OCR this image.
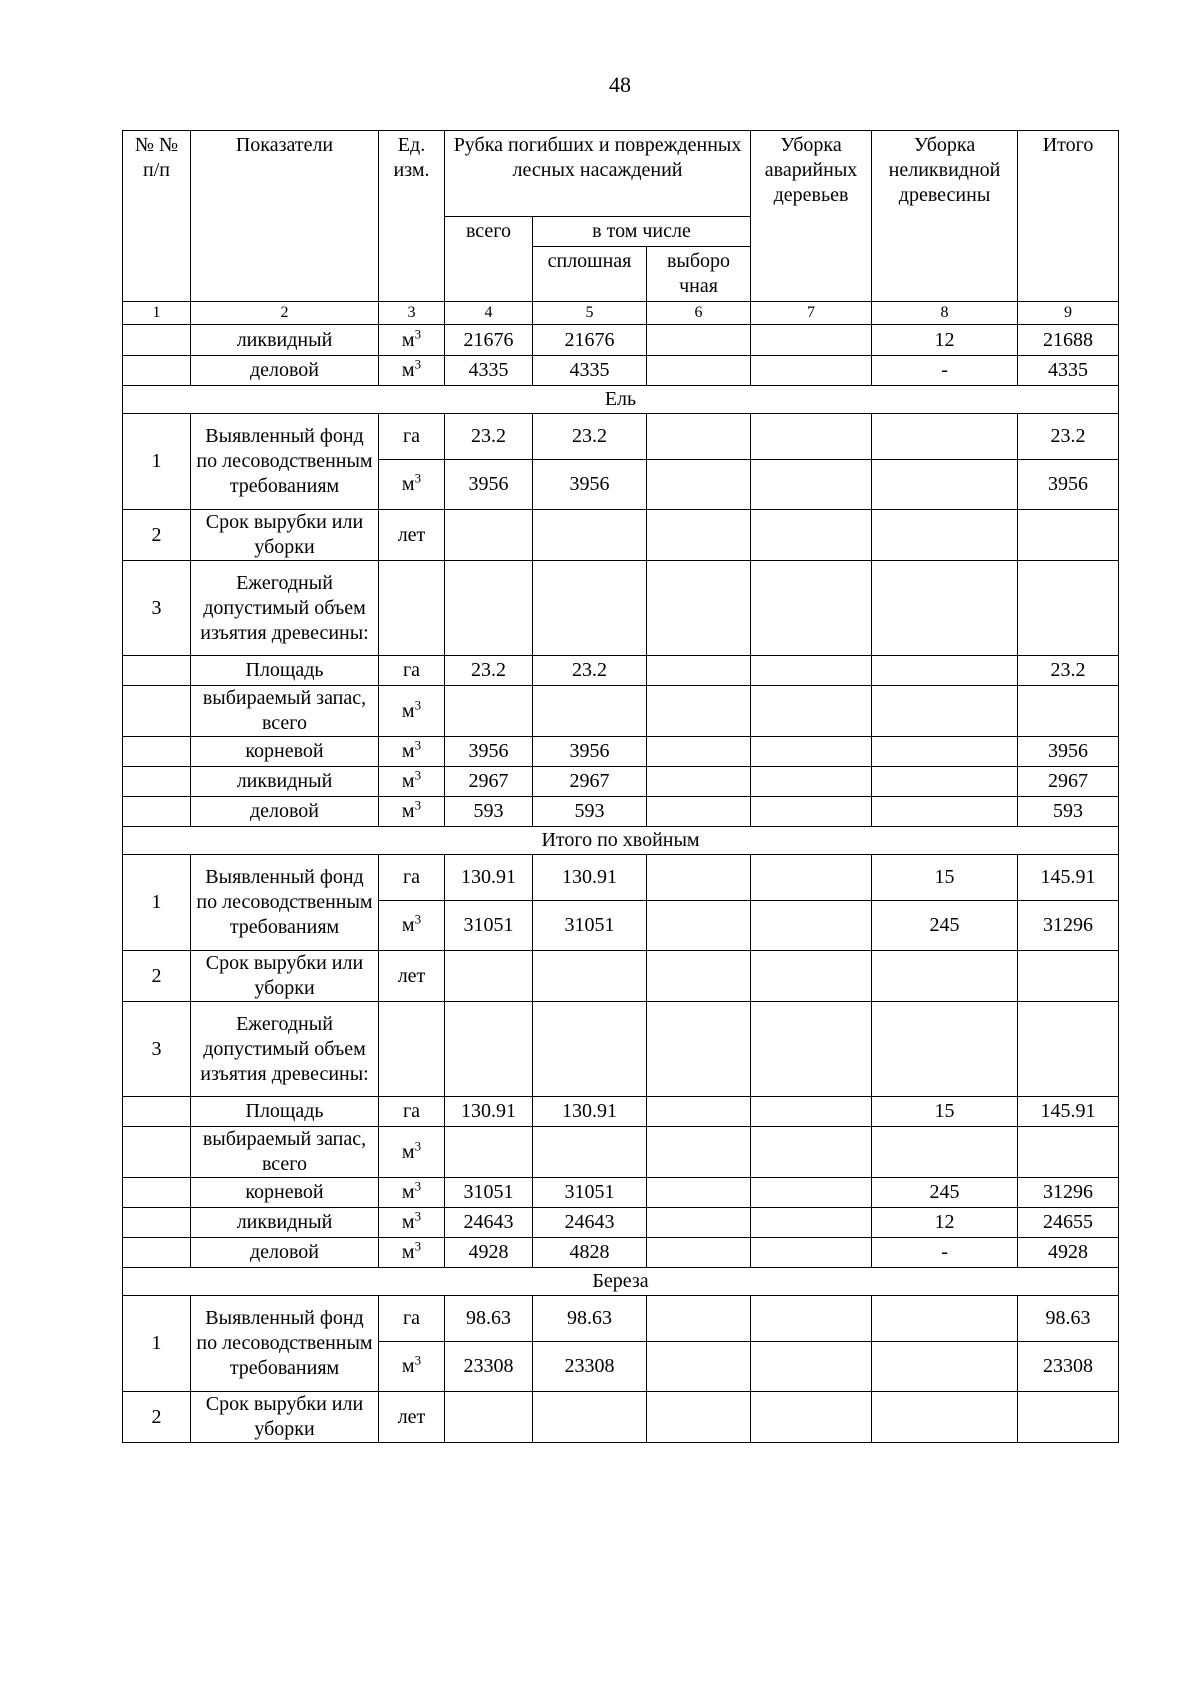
48
№ № п/п	Показатели	Ед. изм.	Рубка погибших и поврежденных лесных насаждений			Уборка аварийных деревьев	Уборка неликвидной древесины	Итого
			всего	в том числе				
				сплошная	выборо чная			
1	2	3	4	5	6	7	8	9
	ликвидный	$м^3$	21676	21676			12	21688
	деловой	$м^3$	4335	4335			-	4335
Ель								
1	Выявленный фонд по лесоводственным требованиям	га	23.2	23.2				23.2
		$м^3$	3956	3956				3956
2	Срок вырубки или уборки	лет						
3	Ежегодный допустимый объем изъятия древесины:							
	Площадь	га	23.2	23.2				23.2
	выбираемый запас, всего	$м^3$						
	корневой	$м^3$	3956	3956				3956
	ликвидный	$м^3$	2967	2967				2967
	деловой	$м^3$	593	593				593
Итого по хвойным								
1	Выявленный фонд по лесоводственным требованиям	га	130.91	130.91			15	145.91
		$м^3$	31051	31051			245	31296
2	Срок вырубки или уборки	лет						
3	Ежегодный допустимый объем изъятия древесины:							
	Площадь	га	130.91	130.91			15	145.91
	выбираемый запас, всего	$м^3$						
	корневой	$м^3$	31051	31051			245	31296
	ликвидный	$м^3$	24643	24643			12	24655
	деловой	$м^3$	4928	4828			-	4928
Береза								
1	Выявленный фонд по лесоводственным требованиям	га	98.63	98.63				98.63
		$м^3$	23308	23308				23308
2	Срок вырубки или уборки	лет						
